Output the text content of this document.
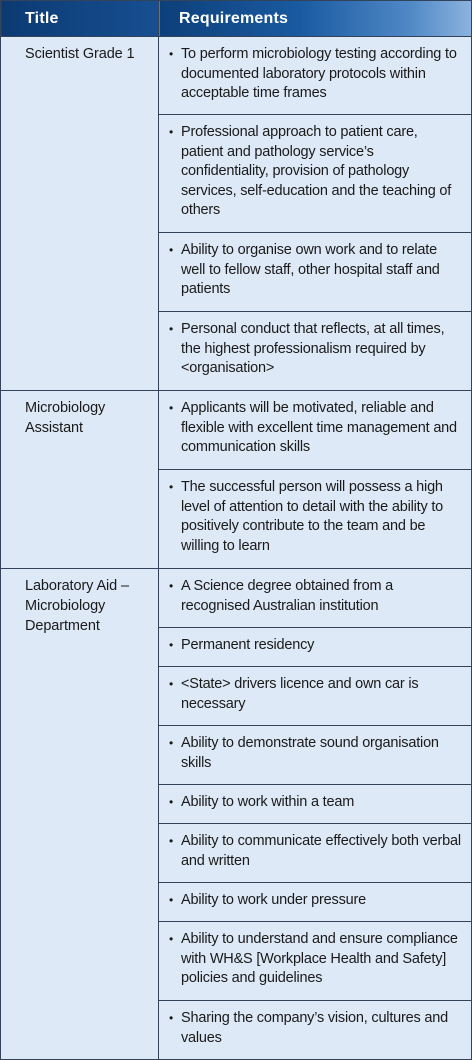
Title	Requirements
Scientist Grade 1	• To perform microbiology testing according to documented laboratory protocols within acceptable time frames

	• Professional approach to patient care, patient and pathology service’s confidentiality, provision of pathology services, self-education and the teaching of others

	• Ability to organise own work and to relate well to fellow staff, other hospital staff and patients

	• Personal conduct that reflects, at all times, the highest professionalism required by <organisation>

Microbiology Assistant	• Applicants will be motivated, reliable and flexible with excellent time management and communication skills

	• The successful person will possess a high level of attention to detail with the ability to positively contribute to the team and be willing to learn

Laboratory Aid – Microbiology Department	• A Science degree obtained from a recognised Australian institution

	• Permanent residency

	• <State> drivers licence and own car is necessary

	• Ability to demonstrate sound organisation skills

	• Ability to work within a team

	• Ability to communicate effectively both verbal and written

	• Ability to work under pressure

	• Ability to understand and ensure compliance with WH&S [Workplace Health and Safety] policies and guidelines

	• Sharing the company’s vision, cultures and values
